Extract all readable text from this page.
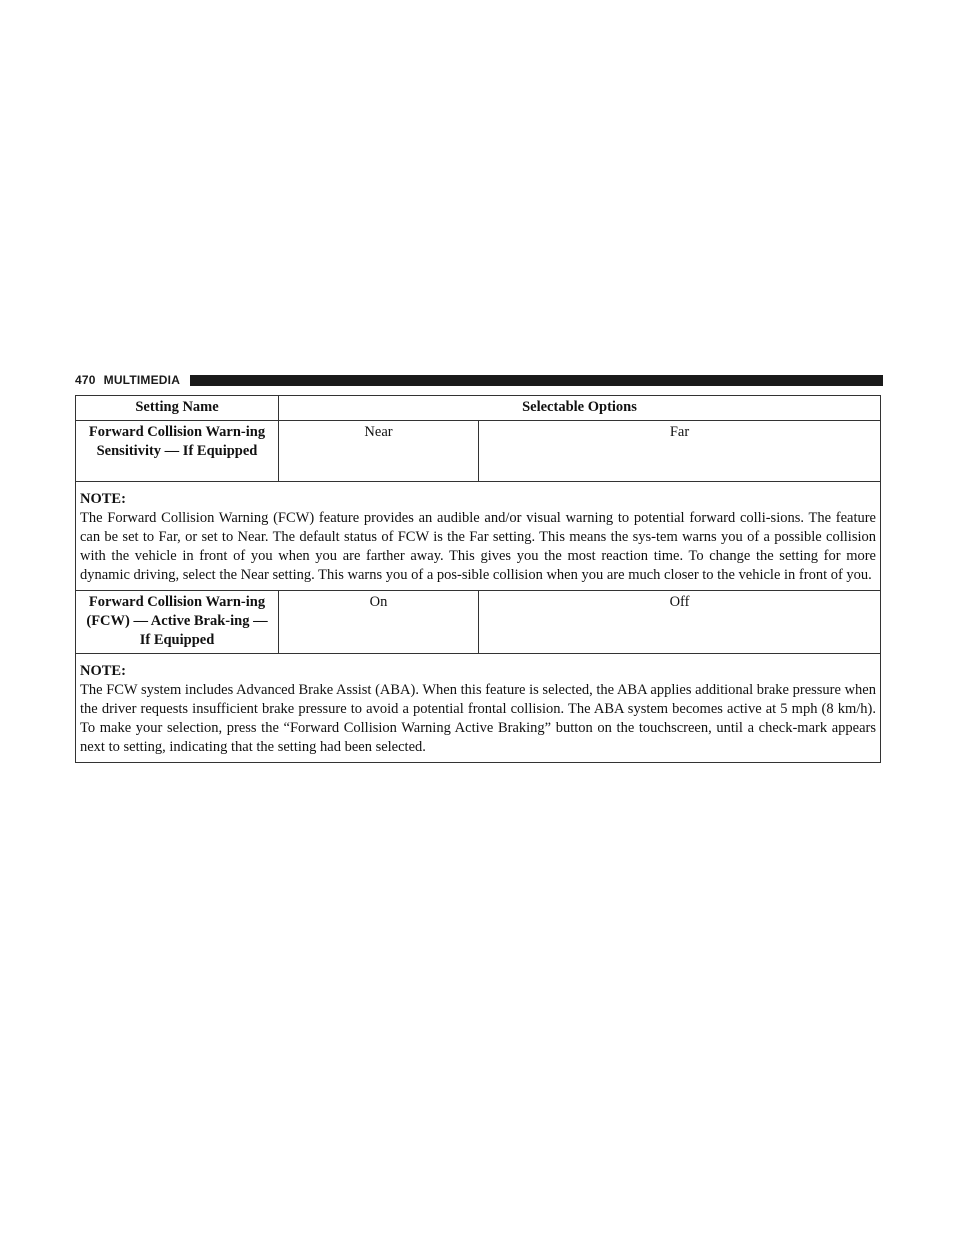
470 MULTIMEDIA
Setting Name	Selectable Options	
Forward Collision Warn-ing Sensitivity — If Equipped	Near	Far

NOTE:
The Forward Collision Warning (FCW) feature provides an audible and/or visual warning to potential forward colli-sions. The feature can be set to Far, or set to Near. The default status of FCW is the Far setting. This means the sys-tem warns you of a possible collision with the vehicle in front of you when you are farther away. This gives you the most reaction time. To change the setting for more dynamic driving, select the Near setting. This warns you of a pos-sible collision when you are much closer to the vehicle in front of you.		

Forward Collision Warn-ing (FCW) — Active Brak-ing — If Equipped	On	Off

NOTE:
The FCW system includes Advanced Brake Assist (ABA). When this feature is selected, the ABA applies additional brake pressure when the driver requests insufficient brake pressure to avoid a potential frontal collision. The ABA system becomes active at 5 mph (8 km/h). To make your selection, press the “Forward Collision Warning Active Braking” button on the touchscreen, until a check-mark appears next to setting, indicating that the setting had been selected.		
